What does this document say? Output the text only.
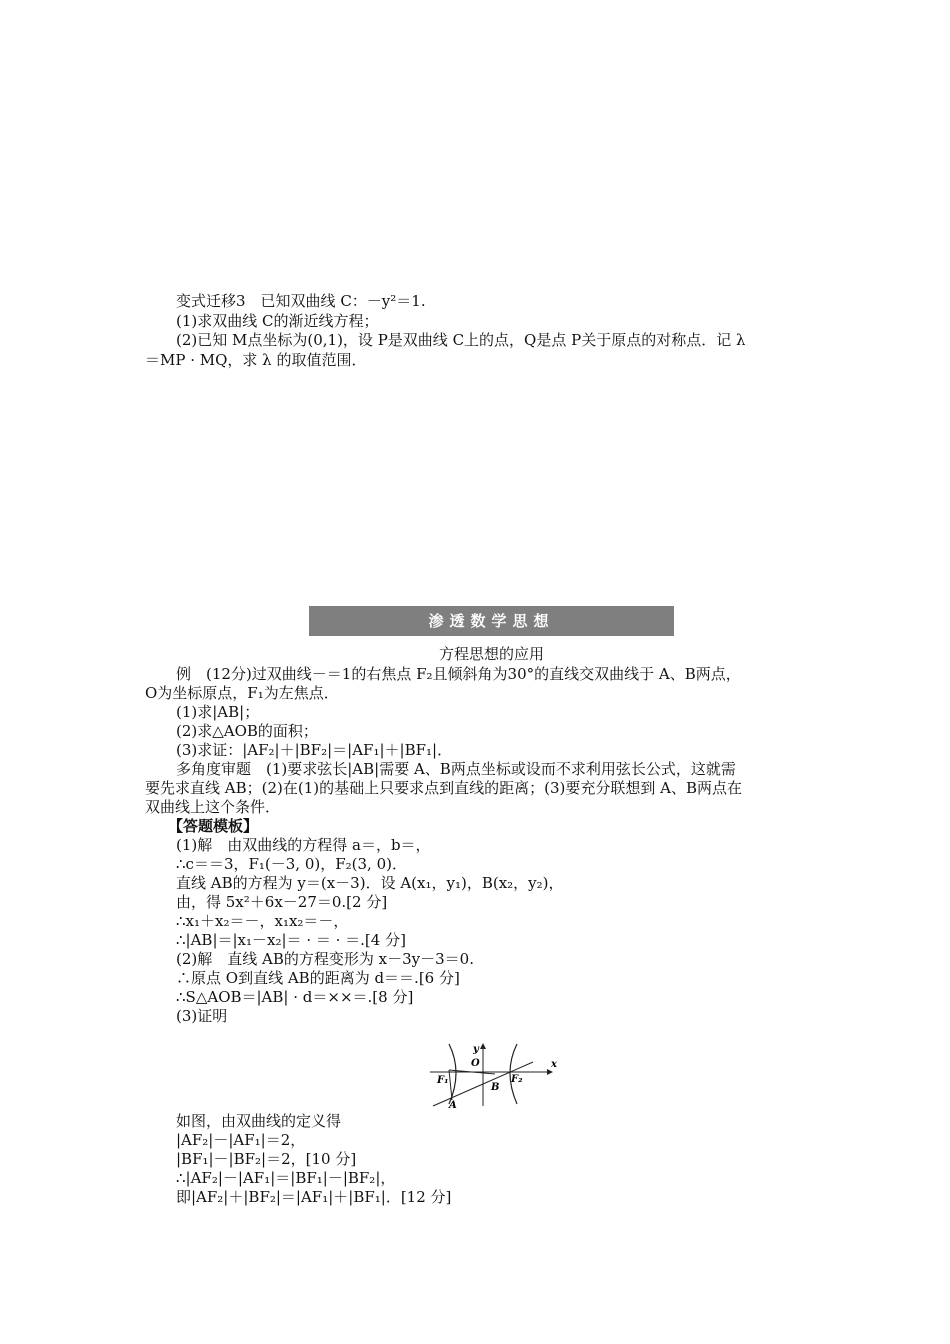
变式迁移3　已知双曲线 C：－y²＝1.
(1)求双曲线 C的渐近线方程；
(2)已知 M点坐标为(0,1)，设 P是双曲线 C上的点，Q是点 P关于原点的对称点．记 λ
＝MP · MQ，求 λ 的取值范围．
渗透数学思想
方程思想的应用
例　(12分)过双曲线－＝1的右焦点 F₂且倾斜角为30°的直线交双曲线于 A、B两点，
O为坐标原点，F₁为左焦点．
(1)求|AB|；
(2)求△AOB的面积；
(3)求证：|AF₂|＋|BF₂|＝|AF₁|＋|BF₁|．
多角度审题　(1)要求弦长|AB|需要 A、B两点坐标或设而不求利用弦长公式，这就需
要先求直线 AB；(2)在(1)的基础上只要求点到直线的距离；(3)要充分联想到 A、B两点在
双曲线上这个条件．
【答题模板】
(1)解　由双曲线的方程得 a＝，b＝，
∴c＝＝3，F₁(－3, 0)，F₂(3, 0)．
直线 AB的方程为 y＝(x－3)．设 A(x₁，y₁)，B(x₂，y₂)，
由，得 5x²＋6x－27＝0.[2 分]
∴x₁＋x₂＝－，x₁x₂＝－，
∴|AB|＝|x₁－x₂|＝ · ＝ · ＝.[4 分]
(2)解　直线 AB的方程变形为 x－3y－3＝0.
∴原点 O到直线 AB的距离为 d＝＝.[6 分]
∴S△AOB＝|AB| · d＝××＝.[8 分]
(3)证明
y
x
O
F₁	F₂
A
B
如图，由双曲线的定义得
|AF₂|－|AF₁|＝2，
|BF₁|－|BF₂|＝2，[10 分]
∴|AF₂|－|AF₁|＝|BF₁|－|BF₂|，
即|AF₂|＋|BF₂|＝|AF₁|＋|BF₁|．[12 分]
